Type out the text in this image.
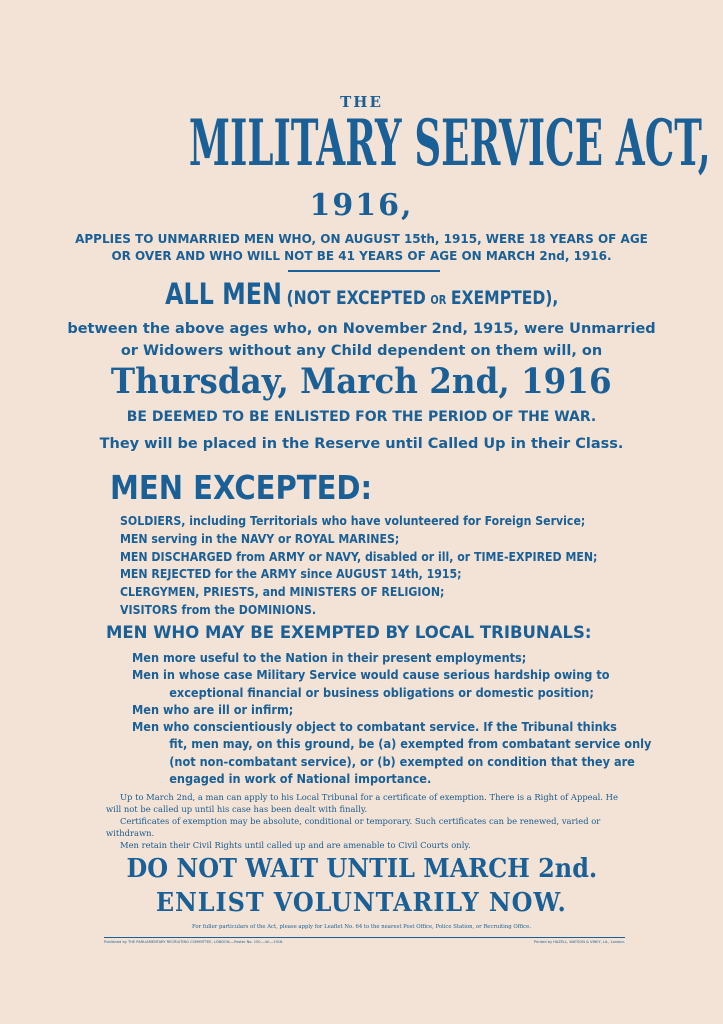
THE
MILITARY SERVICE ACT,
1916,
APPLIES TO UNMARRIED MEN WHO, ON AUGUST 15th, 1915, WERE 18 YEARS OF AGE
OR OVER AND WHO WILL NOT BE 41 YEARS OF AGE ON MARCH 2nd, 1916.
ALL MEN (NOT EXCEPTED OR EXEMPTED),
between the above ages who, on November 2nd, 1915, were Unmarried
or Widowers without any Child dependent on them will, on
Thursday, March 2nd, 1916
BE DEEMED TO BE ENLISTED FOR THE PERIOD OF THE WAR.
They will be placed in the Reserve until Called Up in their Class.
MEN EXCEPTED:
SOLDIERS, including Territorials who have volunteered for Foreign Service;
MEN serving in the NAVY or ROYAL MARINES;
MEN DISCHARGED from ARMY or NAVY, disabled or ill, or TIME-EXPIRED MEN;
MEN REJECTED for the ARMY since AUGUST 14th, 1915;
CLERGYMEN, PRIESTS, and MINISTERS OF RELIGION;
VISITORS from the DOMINIONS.
MEN WHO MAY BE EXEMPTED BY LOCAL TRIBUNALS:
Men more useful to the Nation in their present employments;
Men in whose case Military Service would cause serious hardship owing to
exceptional financial or business obligations or domestic position;
Men who are ill or infirm;
Men who conscientiously object to combatant service. If the Tribunal thinks
fit, men may, on this ground, be (a) exempted from combatant service only
(not non-combatant service), or (b) exempted on condition that they are
engaged in work of National importance.

Up to March 2nd, a man can apply to his Local Tribunal for a certificate of exemption. There is a Right of Appeal. He will not be called up until his case has been dealt with finally.

Certificates of exemption may be absolute, conditional or temporary. Such certificates can be renewed, varied or withdrawn.

Men retain their Civil Rights until called up and are amenable to Civil Courts only.

DO NOT WAIT UNTIL MARCH 2nd.
ENLIST VOLUNTARILY NOW.
For fuller particulars of the Act, please apply for Leaflet No. 64 to the nearest Post Office, Police Station, or Recruiting Office.
Published by THE PARLIAMENTARY RECRUITING COMMITTEE, LONDON.—Poster No. 150.—W.—1916.	Printed by HAZELL, WATSON & VINEY, Ld., London.
